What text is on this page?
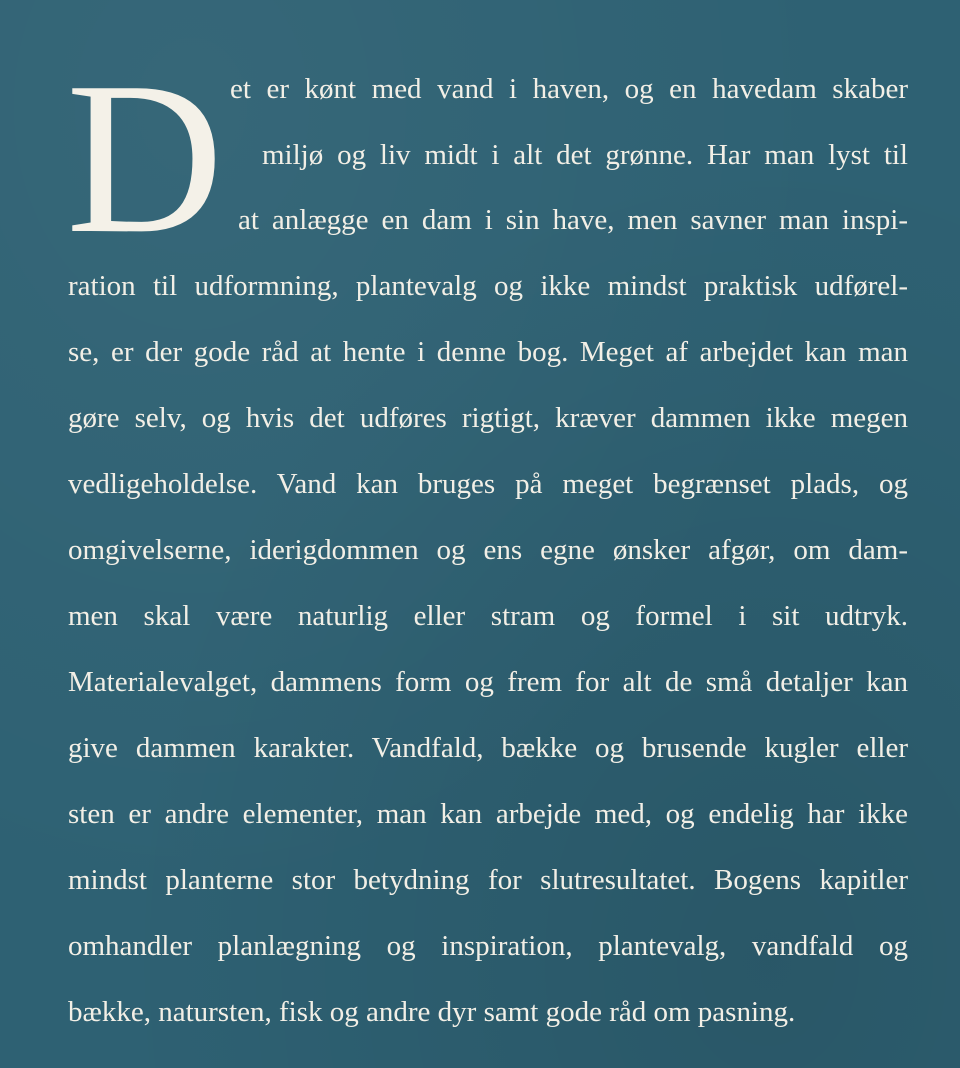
D et er kønt med vand i haven, og en havedam skaber
miljø og liv midt i alt det grønne. Har man lyst til
at anlægge en dam i sin have, men savner man inspi-
ration til udformning, plantevalg og ikke mindst praktisk udførel-
se, er der gode råd at hente i denne bog. Meget af arbejdet kan man
gøre selv, og hvis det udføres rigtigt, kræver dammen ikke megen
vedligeholdelse. Vand kan bruges på meget begrænset plads, og
omgivelserne, iderigdommen og ens egne ønsker afgør, om dam-
men skal være naturlig eller stram og formel i sit udtryk.
Materialevalget, dammens form og frem for alt de små detaljer kan
give dammen karakter. Vandfald, bække og brusende kugler eller
sten er andre elementer, man kan arbejde med, og endelig har ikke
mindst planterne stor betydning for slutresultatet. Bogens kapitler
omhandler planlægning og inspiration, plantevalg, vandfald og
bække, natursten, fisk og andre dyr samt gode råd om pasning.
